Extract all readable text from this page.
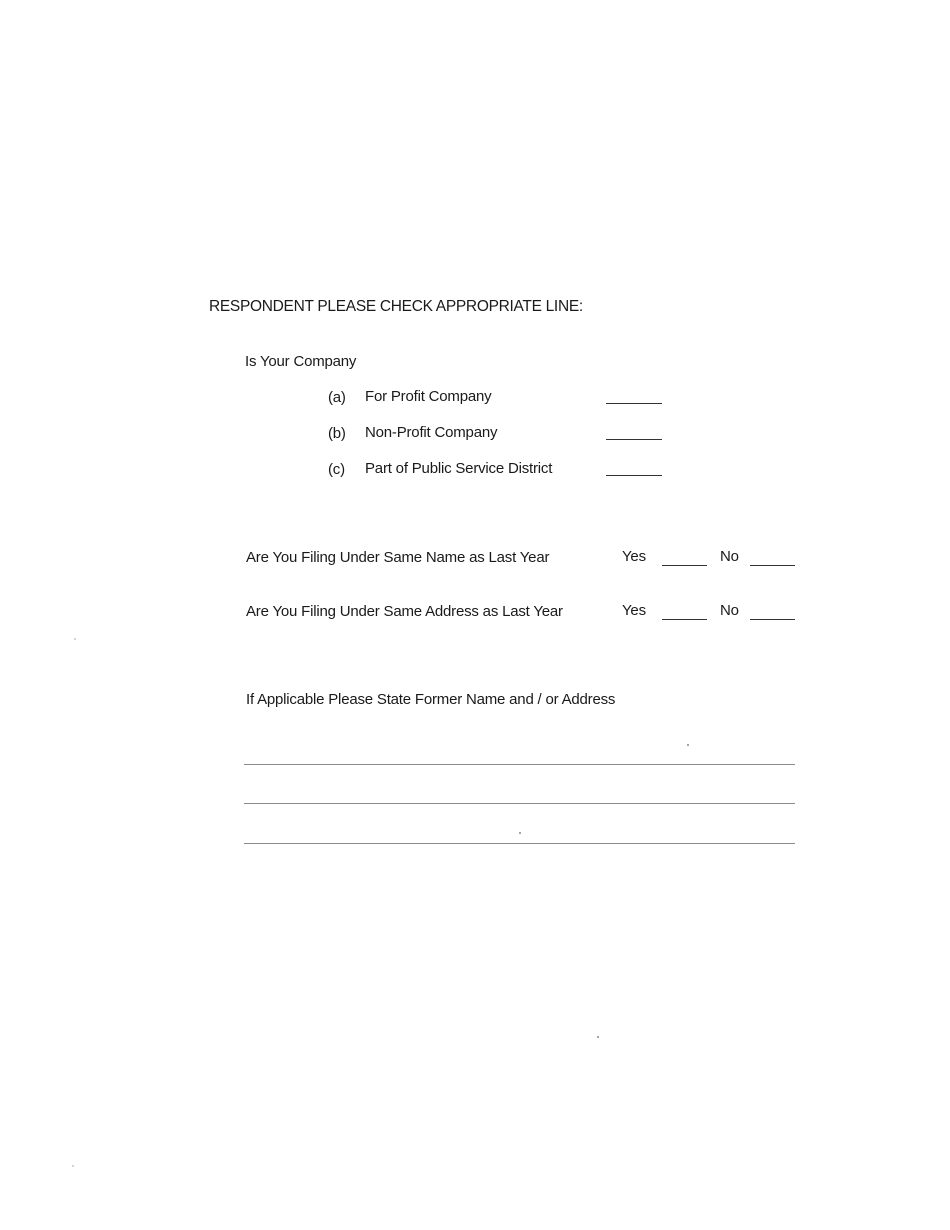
RESPONDENT PLEASE CHECK APPROPRIATE LINE:
Is Your Company
(a) For Profit Company
(b) Non-Profit Company
(c) Part of Public Service District
Are You Filing Under Same Name as Last Year	Yes	No
Are You Filing Under Same Address as Last Year	Yes	No
If Applicable Please State Former Name and / or Address
